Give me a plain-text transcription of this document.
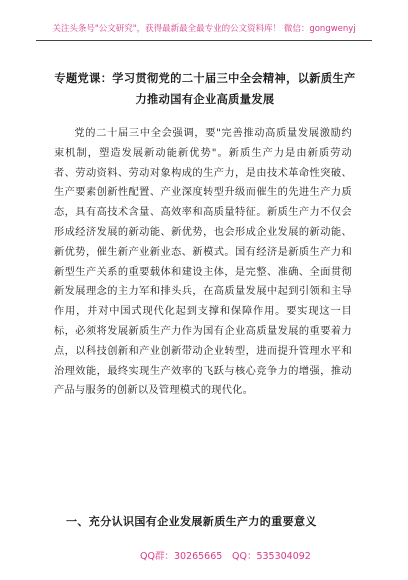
关注头条号"公文研究"，获得最新最全最专业的公文资料库！ 微信：gongwenyj
专题党课：学习贯彻党的二十届三中全会精神，以新质生产力推动国有企业高质量发展

党的二十届三中全会强调，要"完善推动高质量发展激励约束机制，塑造发展新动能新优势"。新质生产力是由新质劳动者、劳动资料、劳动对象构成的生产力，是由技术革命性突破、生产要素创新性配置、产业深度转型升级而催生的先进生产力质态，具有高技术含量、高效率和高质量特征。新质生产力不仅会形成经济发展的新动能、新优势，也会形成企业发展的新动能、新优势，催生新产业新业态、新模式。国有经济是新质生产力和新型生产关系的重要载体和建设主体，是完整、准确、全面贯彻新发展理念的主力军和排头兵，在高质量发展中起到引领和主导作用，并对中国式现代化起到支撑和保障作用。要实现这一目标，必须将发展新质生产力作为国有企业高质量发展的重要着力点，以科技创新和产业创新带动企业转型，进而提升管理水平和治理效能，最终实现生产效率的飞跃与核心竞争力的增强，推动产品与服务的创新以及管理模式的现代化。

一、充分认识国有企业发展新质生产力的重要意义
QQ群：30265665 QQ：535304092
